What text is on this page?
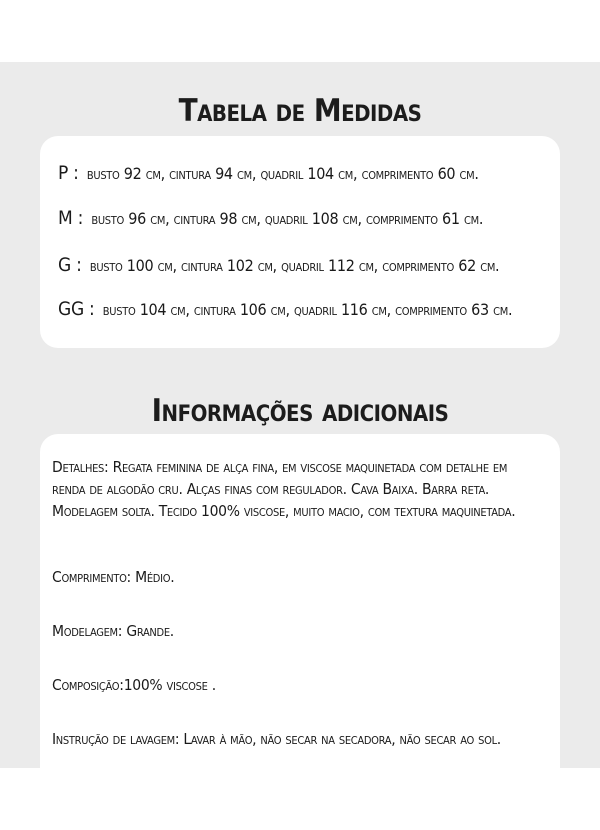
Tabela de Medidas
P : busto 92 cm, cintura 94 cm, quadril 104 cm, comprimento 60 cm.
M : busto 96 cm, cintura 98 cm, quadril 108 cm, comprimento 61 cm.
G : busto 100 cm, cintura 102 cm, quadril 112 cm, comprimento 62 cm.
GG : busto 104 cm, cintura 106 cm, quadril 116 cm, comprimento 63 cm.
Informações adicionais
Detalhes: Regata feminina de alça fina, em viscose maquinetada com detalhe em renda de algodão cru. Alças finas com regulador. Cava Baixa. Barra reta. Modelagem solta. Tecido 100% viscose, muito macio, com textura maquinetada.
Comprimento: Médio.
Modelagem: Grande.
Composição:100% viscose .
Instrução de lavagem: Lavar à mão, não secar na secadora, não secar ao sol.
